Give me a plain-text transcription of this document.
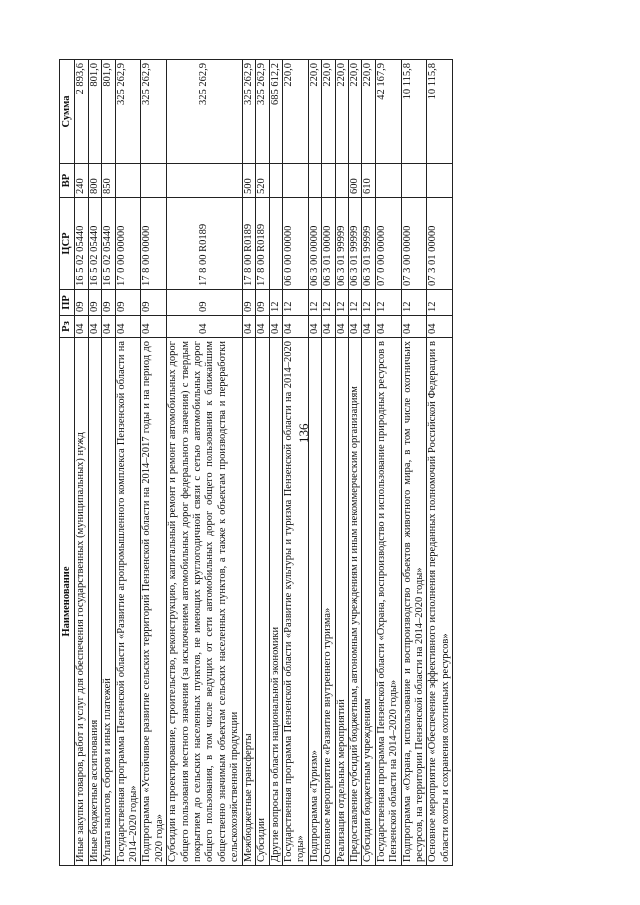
136
Наименование	Рз	ПР	ЦСР	ВР	Сумма
Иные закупки товаров, работ и услуг для обеспечения государственных (муниципальных) нужд	04	09	16 5 02 05440	240	2 893,6
Иные бюджетные ассигнования	04	09	16 5 02 05440	800	801,0
Уплата налогов, сборов и иных платежей	04	09	16 5 02 05440	850	801,0
Государственная программа Пензенской области «Развитие агропромышленного комплекса Пензенской области на 2014–2020 годы»	04	09	17 0 00 00000		325 262,9
Подпрограмма «Устойчивое развитие сельских территорий Пензенской области на 2014–2017 годы и на период до 2020 года»	04	09	17 8 00 00000		325 262,9
Субсидии на проектирование, строительство, реконструкцию, капитальный ремонт и ремонт автомобильных дорог общего пользования местного значения (за исключением автомобильных дорог федерального значения) с твердым покрытием до сельских населенных пунктов, не имеющих круглогодичной связи с сетью автомобильных дорог общего пользования, в том числе ведущих от сети автомобильных дорог общего пользования к ближайшим общественно значимым объектам сельских населенных пунктов, а также к объектам производства и переработки сельскохозяйственной продукции	04	09	17 8 00 R0189		325 262,9
Межбюджетные трансферты	04	09	17 8 00 R0189	500	325 262,9
Субсидии	04	09	17 8 00 R0189	520	325 262,9
Другие вопросы в области национальной экономики	04	12			685 612,2
Государственная программа Пензенской области «Развитие культуры и туризма Пензенской области на 2014–2020 годы»	04	12	06 0 00 00000		220,0
Подпрограмма «Туризм»	04	12	06 3 00 00000		220,0
Основное мероприятие «Развитие внутреннего туризма»	04	12	06 3 01 00000		220,0
Реализация отдельных мероприятий	04	12	06 3 01 99999		220,0
Предоставление субсидий бюджетным, автономным учреждениям и иным некоммерческим организациям	04	12	06 3 01 99999	600	220,0
Субсидии бюджетным учреждениям	04	12	06 3 01 99999	610	220,0
Государственная программа Пензенской области «Охрана, воспроизводство и использование природных ресурсов в Пензенской области на 2014–2020 годы»	04	12	07 0 00 00000		42 167,9
Подпрограмма «Охрана, использование и воспроизводство объектов животного мира, в том числе охотничьих ресурсов, на территории Пензенской области на 2014–2020 годы»	04	12	07 3 00 00000		10 115,8
Основное мероприятие «Обеспечение эффективного исполнения переданных полномочий Российской Федерации в области охоты и сохранения охотничьих ресурсов»	04	12	07 3 01 00000		10 115,8
